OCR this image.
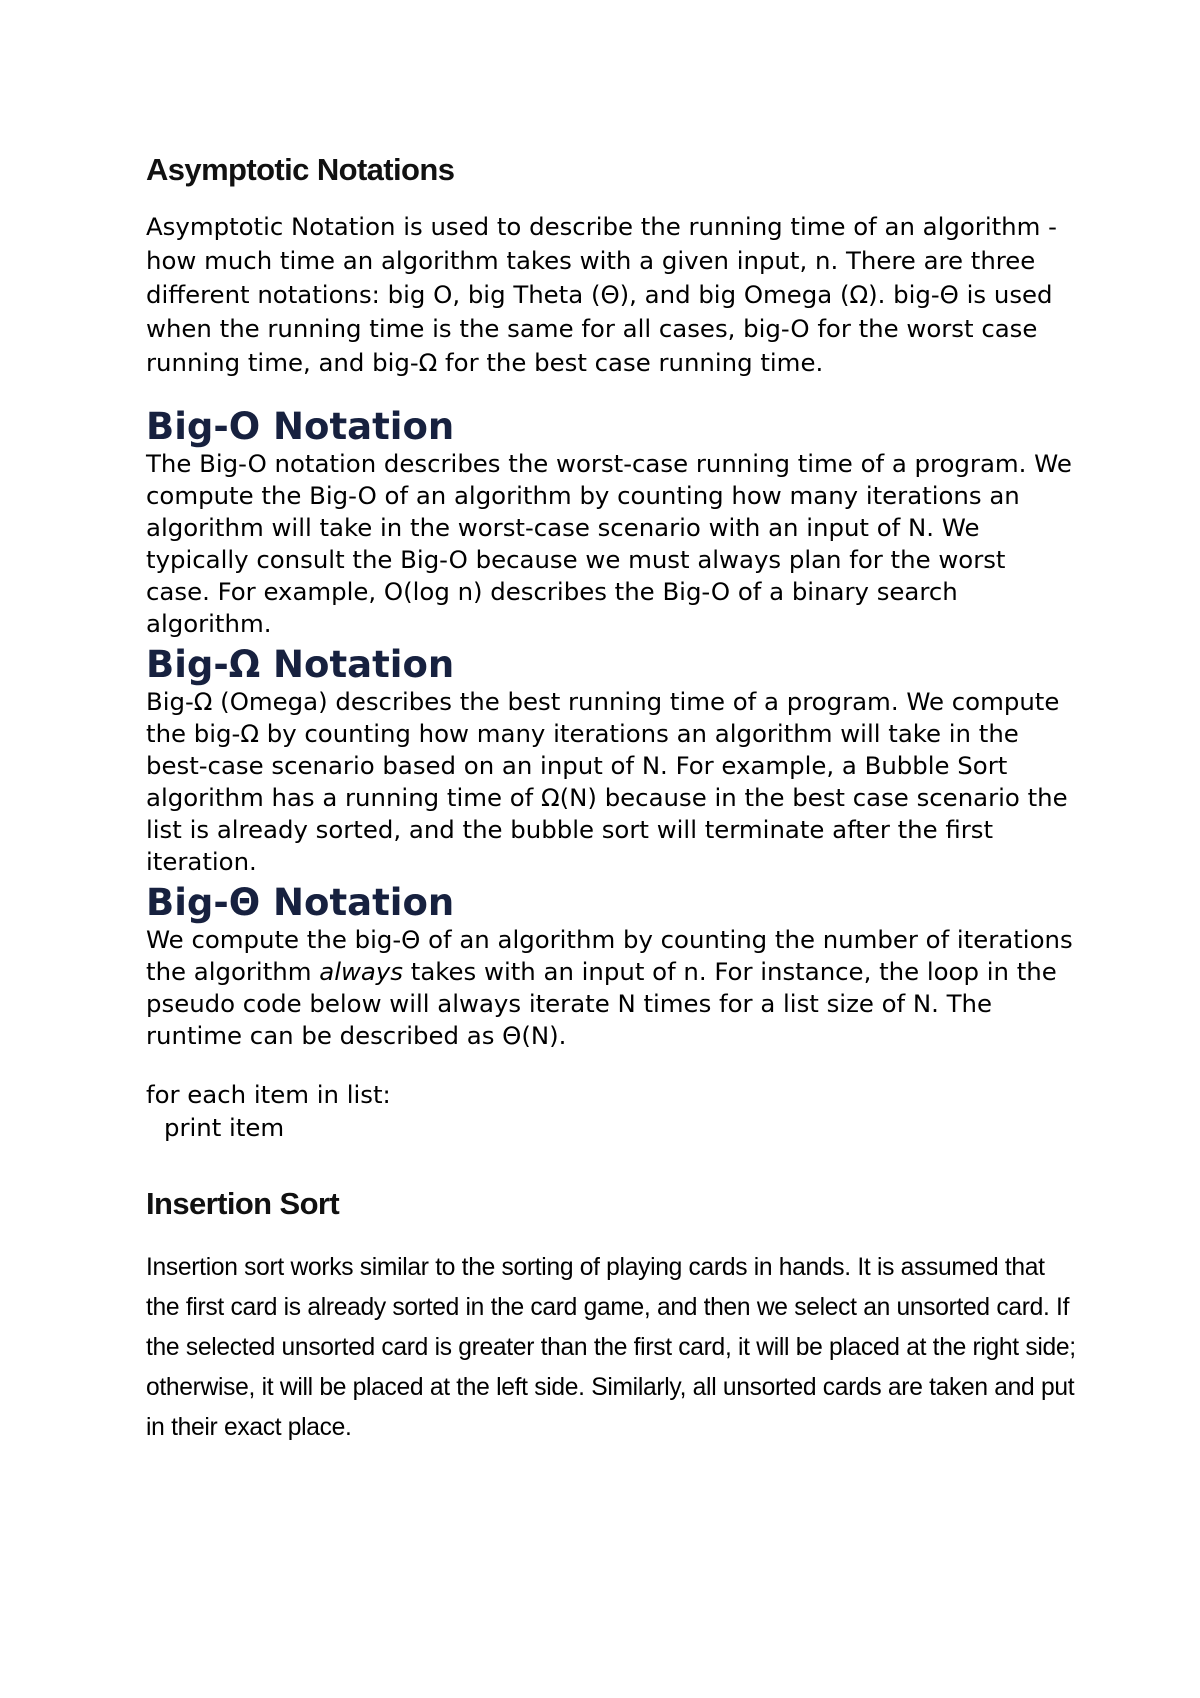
Asymptotic Notations

Asymptotic Notation is used to describe the running time of an algorithm - how much time an algorithm takes with a given input, n. There are three different notations: big O, big Theta (Θ), and big Omega (Ω). big-Θ is used when the running time is the same for all cases, big-O for the worst case running time, and big-Ω for the best case running time.

Big-O Notation

The Big-O notation describes the worst-case running time of a program. We compute the Big-O of an algorithm by counting how many iterations an algorithm will take in the worst-case scenario with an input of N. We typically consult the Big-O because we must always plan for the worst case. For example, O(log n) describes the Big-O of a binary search algorithm.

Big-Ω Notation

Big-Ω (Omega) describes the best running time of a program. We compute the big-Ω by counting how many iterations an algorithm will take in the best-case scenario based on an input of N. For example, a Bubble Sort algorithm has a running time of Ω(N) because in the best case scenario the list is already sorted, and the bubble sort will terminate after the first iteration.

Big-Θ Notation

We compute the big-Θ of an algorithm by counting the number of iterations the algorithm always takes with an input of n. For instance, the loop in the pseudo code below will always iterate N times for a list size of N. The runtime can be described as Θ(N).

for each item in list:
print item
Insertion Sort

Insertion sort works similar to the sorting of playing cards in hands. It is assumed that the first card is already sorted in the card game, and then we select an unsorted card. If the selected unsorted card is greater than the first card, it will be placed at the right side; otherwise, it will be placed at the left side. Similarly, all unsorted cards are taken and put in their exact place.
